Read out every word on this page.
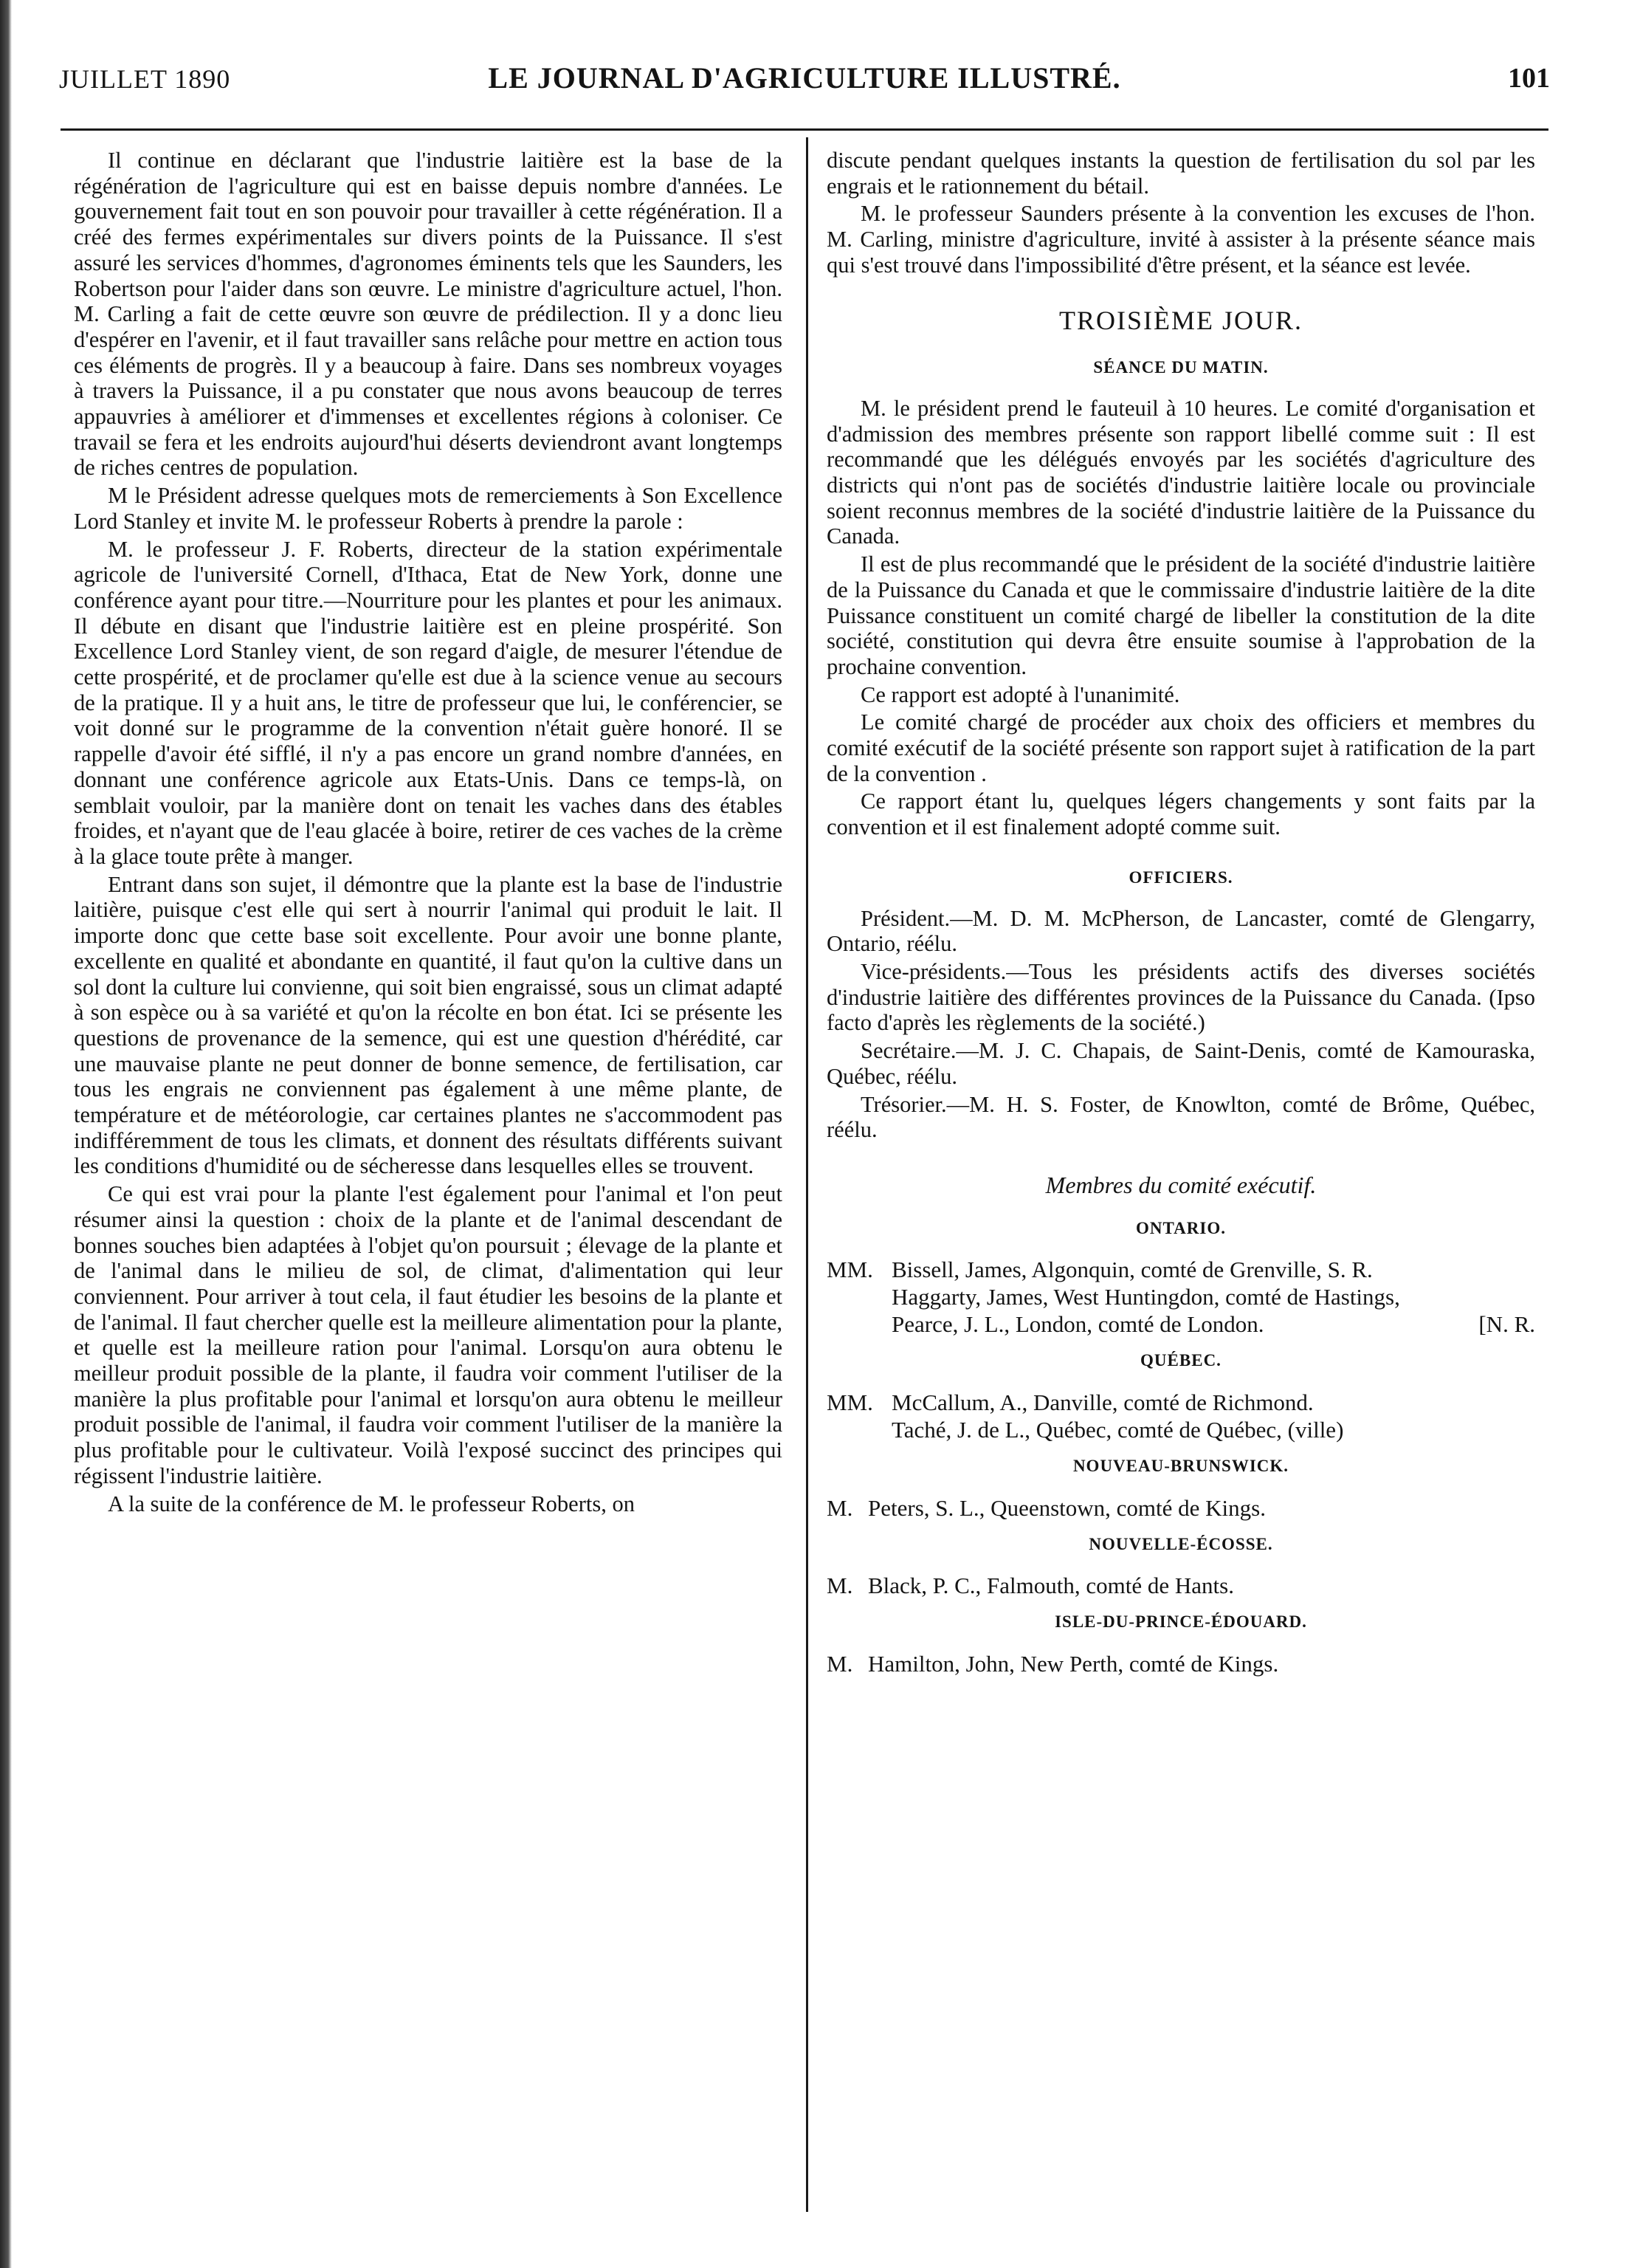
JUILLET 1890	LE JOURNAL D'AGRICULTURE ILLUSTRÉ.	101

Il continue en déclarant que l'industrie laitière est la base de la régénération de l'agriculture qui est en baisse depuis nombre d'années. Le gouvernement fait tout en son pouvoir pour travailler à cette régénération. Il a créé des fermes expérimentales sur divers points de la Puissance. Il s'est assuré les services d'hommes, d'agronomes éminents tels que les Saunders, les Robertson pour l'aider dans son œuvre. Le ministre d'agriculture actuel, l'hon. M. Carling a fait de cette œuvre son œuvre de prédilection. Il y a donc lieu d'espérer en l'avenir, et il faut travailler sans relâche pour mettre en action tous ces éléments de progrès. Il y a beaucoup à faire. Dans ses nombreux voyages à travers la Puissance, il a pu constater que nous avons beaucoup de terres appauvries à améliorer et d'immenses et excellentes régions à coloniser. Ce travail se fera et les endroits aujourd'hui déserts deviendront avant longtemps de riches centres de population.

M le Président adresse quelques mots de remerciements à Son Excellence Lord Stanley et invite M. le professeur Roberts à prendre la parole :

M. le professeur J. F. Roberts, directeur de la station expérimentale agricole de l'université Cornell, d'Ithaca, Etat de New York, donne une conférence ayant pour titre.—Nourriture pour les plantes et pour les animaux. Il débute en disant que l'industrie laitière est en pleine prospérité. Son Excellence Lord Stanley vient, de son regard d'aigle, de mesurer l'étendue de cette prospérité, et de proclamer qu'elle est due à la science venue au secours de la pratique. Il y a huit ans, le titre de professeur que lui, le conférencier, se voit donné sur le programme de la convention n'était guère honoré. Il se rappelle d'avoir été sifflé, il n'y a pas encore un grand nombre d'années, en donnant une conférence agricole aux Etats-Unis. Dans ce temps-là, on semblait vouloir, par la manière dont on tenait les vaches dans des étables froides, et n'ayant que de l'eau glacée à boire, retirer de ces vaches de la crème à la glace toute prête à manger.

Entrant dans son sujet, il démontre que la plante est la base de l'industrie laitière, puisque c'est elle qui sert à nourrir l'animal qui produit le lait. Il importe donc que cette base soit excellente. Pour avoir une bonne plante, excellente en qualité et abondante en quantité, il faut qu'on la cultive dans un sol dont la culture lui convienne, qui soit bien engraissé, sous un climat adapté à son espèce ou à sa variété et qu'on la récolte en bon état. Ici se présente les questions de provenance de la semence, qui est une question d'hérédité, car une mauvaise plante ne peut donner de bonne semence, de fertilisation, car tous les engrais ne conviennent pas également à une même plante, de température et de météorologie, car certaines plantes ne s'accommodent pas indifféremment de tous les climats, et donnent des résultats différents suivant les conditions d'humidité ou de sécheresse dans lesquelles elles se trouvent.

Ce qui est vrai pour la plante l'est également pour l'animal et l'on peut résumer ainsi la question : choix de la plante et de l'animal descendant de bonnes souches bien adaptées à l'objet qu'on poursuit ; élevage de la plante et de l'animal dans le milieu de sol, de climat, d'alimentation qui leur conviennent. Pour arriver à tout cela, il faut étudier les besoins de la plante et de l'animal. Il faut chercher quelle est la meilleure alimentation pour la plante, et quelle est la meilleure ration pour l'animal. Lorsqu'on aura obtenu le meilleur produit possible de la plante, il faudra voir comment l'utiliser de la manière la plus profitable pour l'animal et lorsqu'on aura obtenu le meilleur produit possible de l'animal, il faudra voir comment l'utiliser de la manière la plus profitable pour le cultivateur. Voilà l'exposé succinct des principes qui régissent l'industrie laitière.

A la suite de la conférence de M. le professeur Roberts, on

discute pendant quelques instants la question de fertilisation du sol par les engrais et le rationnement du bétail.

M. le professeur Saunders présente à la convention les excuses de l'hon. M. Carling, ministre d'agriculture, invité à assister à la présente séance mais qui s'est trouvé dans l'impossibilité d'être présent, et la séance est levée.

TROISIÈME JOUR.
SÉANCE DU MATIN.

M. le président prend le fauteuil à 10 heures. Le comité d'organisation et d'admission des membres présente son rapport libellé comme suit : Il est recommandé que les délégués envoyés par les sociétés d'agriculture des districts qui n'ont pas de sociétés d'industrie laitière locale ou provinciale soient reconnus membres de la société d'industrie laitière de la Puissance du Canada.

Il est de plus recommandé que le président de la société d'industrie laitière de la Puissance du Canada et que le commissaire d'industrie laitière de la dite Puissance constituent un comité chargé de libeller la constitution de la dite société, constitution qui devra être ensuite soumise à l'approbation de la prochaine convention.

Ce rapport est adopté à l'unanimité.

Le comité chargé de procéder aux choix des officiers et membres du comité exécutif de la société présente son rapport sujet à ratification de la part de la convention .

Ce rapport étant lu, quelques légers changements y sont faits par la convention et il est finalement adopté comme suit.

OFFICIERS.

Président.—M. D. M. McPherson, de Lancaster, comté de Glengarry, Ontario, réélu.

Vice-présidents.—Tous les présidents actifs des diverses sociétés d'industrie laitière des différentes provinces de la Puissance du Canada. (Ipso facto d'après les règlements de la société.)

Secrétaire.—M. J. C. Chapais, de Saint-Denis, comté de Kamouraska, Québec, réélu.

Trésorier.—M. H. S. Foster, de Knowlton, comté de Brôme, Québec, réélu.

Membres du comité exécutif.
ONTARIO.
MM. Bissell, James, Algonquin, comté de Grenville, S. R.
Haggarty, James, West Huntingdon, comté de Hastings,
Pearce, J. L., London, comté de London.	[N. R.
QUÉBEC.
MM. McCallum, A., Danville, comté de Richmond.
Taché, J. de L., Québec, comté de Québec, (ville)
NOUVEAU-BRUNSWICK.
M. Peters, S. L., Queenstown, comté de Kings.
NOUVELLE-ÉCOSSE.
M. Black, P. C., Falmouth, comté de Hants.
ISLE-DU-PRINCE-ÉDOUARD.
M. Hamilton, John, New Perth, comté de Kings.
